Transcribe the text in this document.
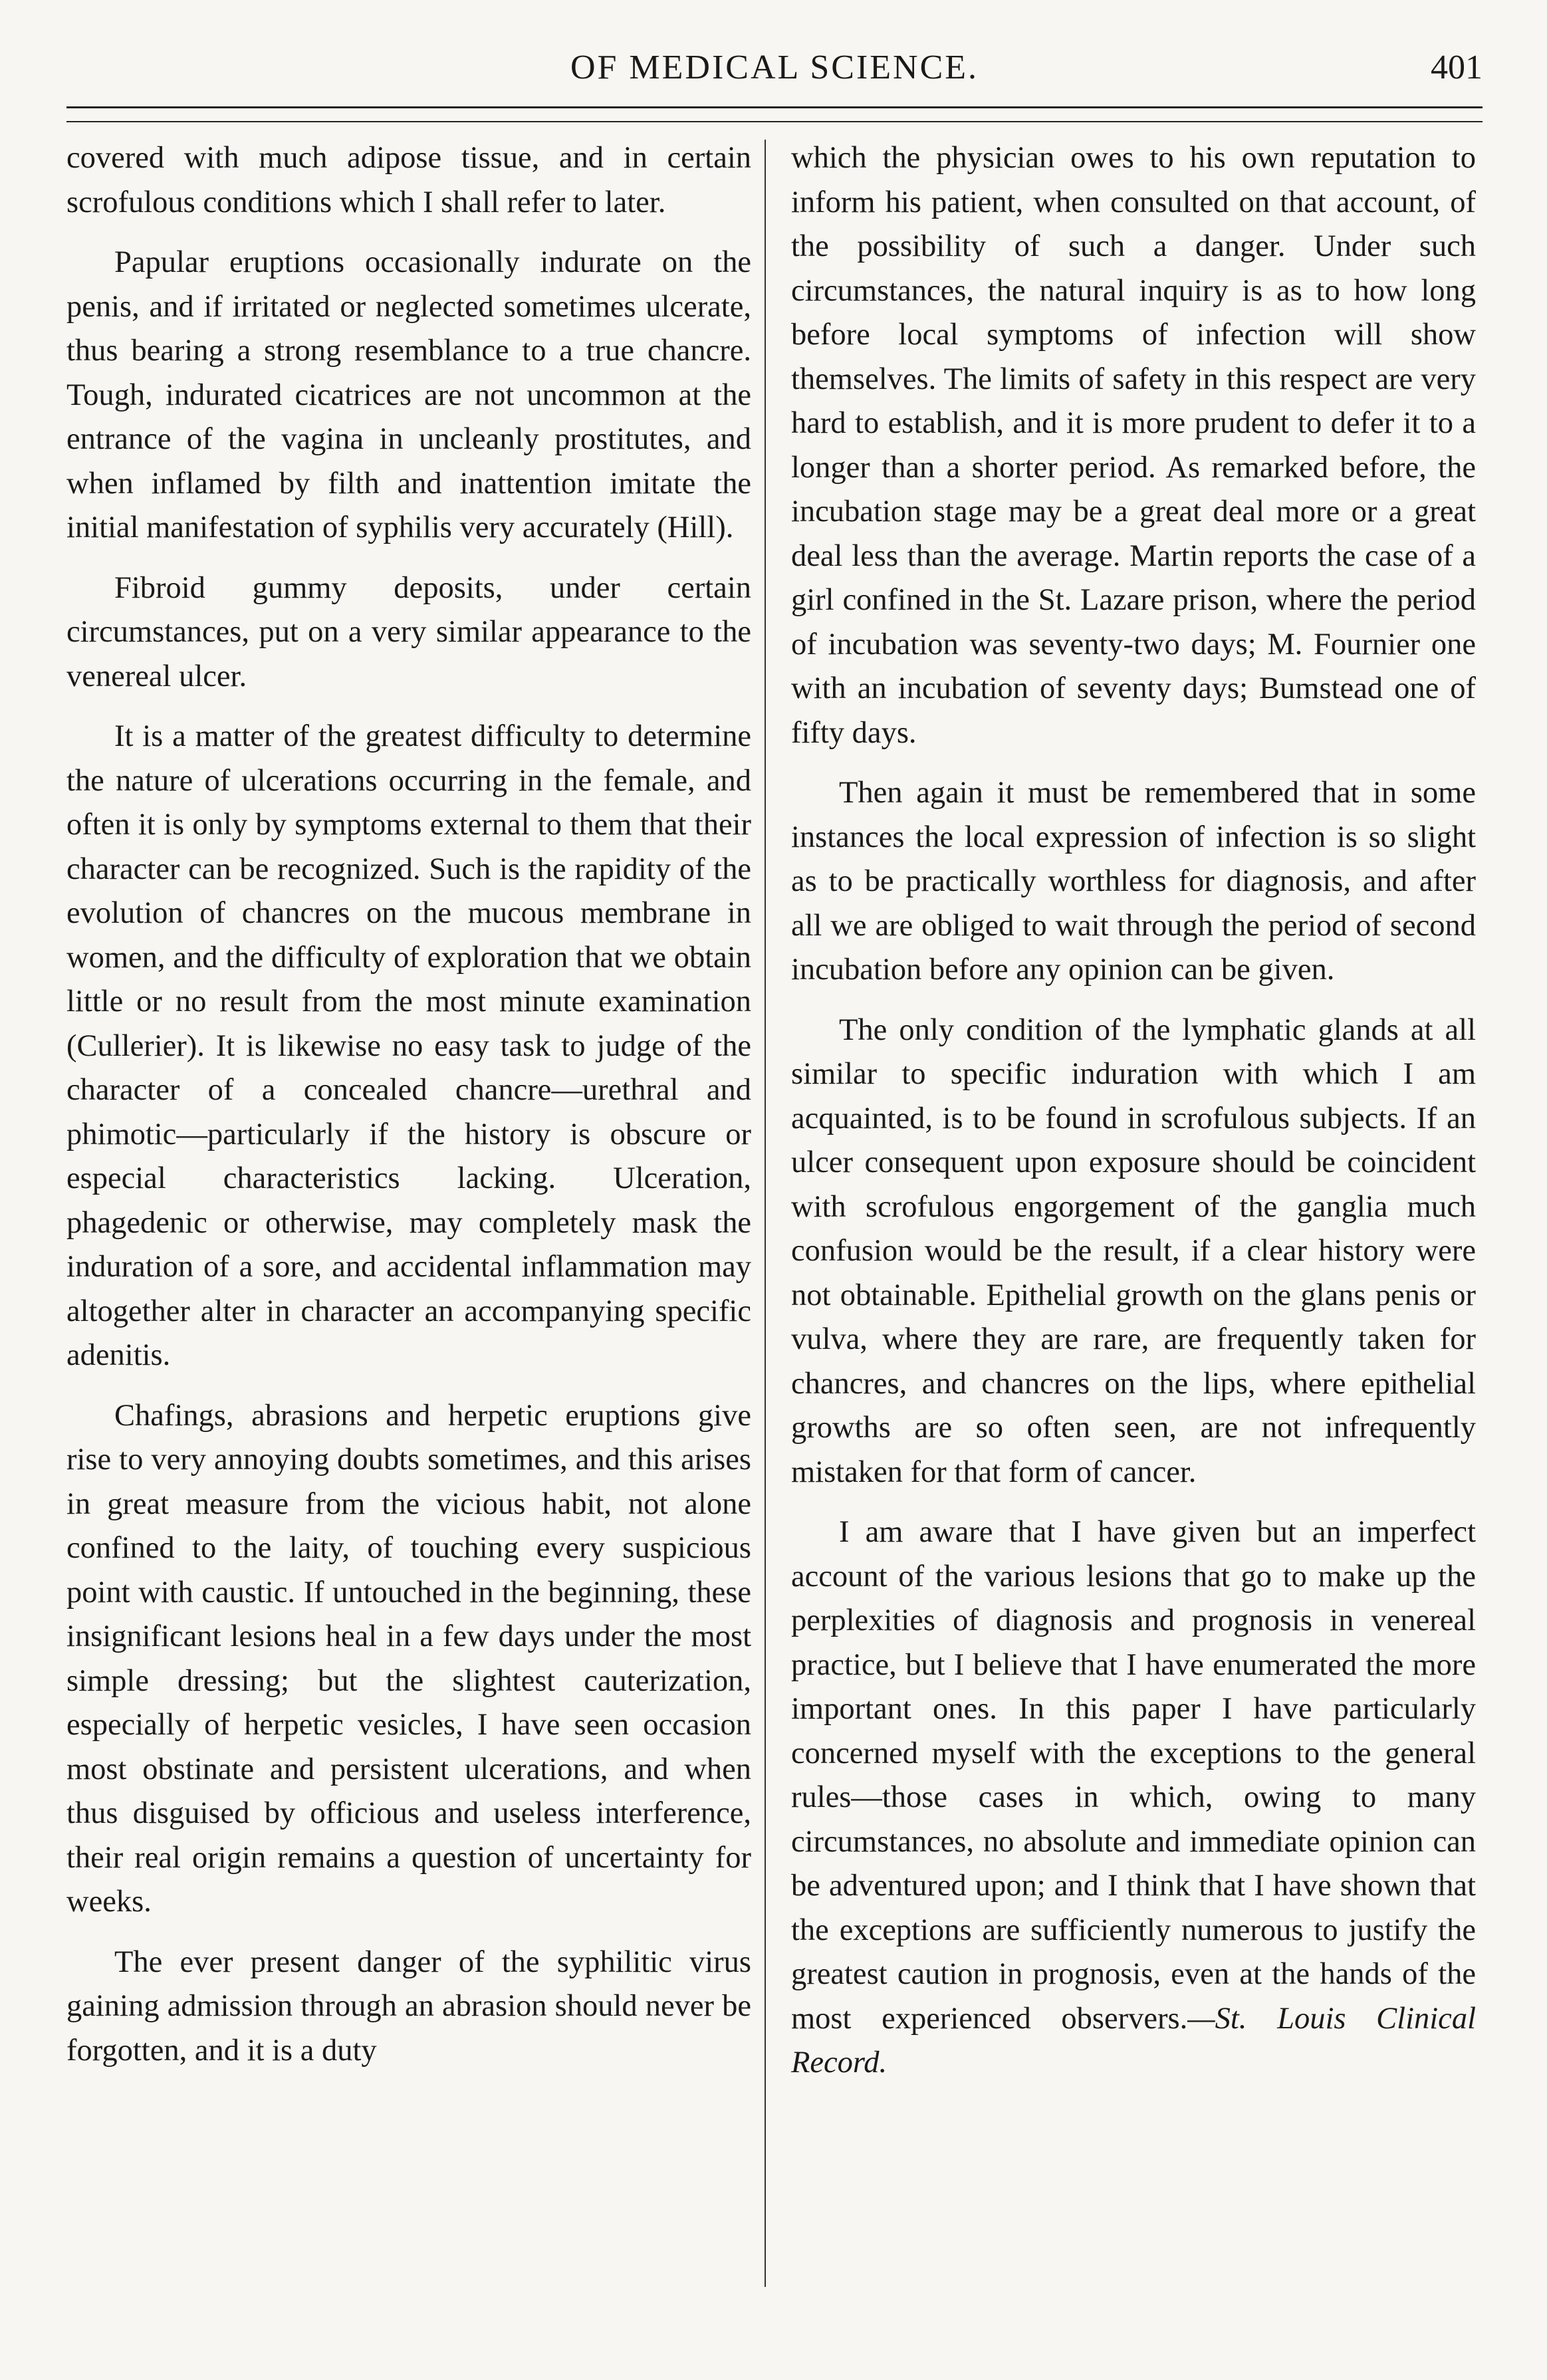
OF MEDICAL SCIENCE.	401

covered with much adipose tissue, and in certain scrofulous conditions which I shall refer to later.

Papular eruptions occasionally indurate on the penis, and if irritated or neglected sometimes ulcerate, thus bearing a strong resemblance to a true chancre. Tough, indurated cicatrices are not uncommon at the entrance of the vagina in uncleanly prostitutes, and when inflamed by filth and inattention imitate the initial manifestation of syphilis very accurately (Hill).

Fibroid gummy deposits, under certain circumstances, put on a very similar appearance to the venereal ulcer.

It is a matter of the greatest difficulty to determine the nature of ulcerations occurring in the female, and often it is only by symptoms external to them that their character can be recognized. Such is the rapidity of the evolution of chancres on the mucous membrane in women, and the difficulty of exploration that we obtain little or no result from the most minute examination (Cullerier). It is likewise no easy task to judge of the character of a concealed chancre—urethral and phimotic—particularly if the history is obscure or especial characteristics lacking. Ulceration, phagedenic or otherwise, may completely mask the induration of a sore, and accidental inflammation may altogether alter in character an accompanying specific adenitis.

Chafings, abrasions and herpetic eruptions give rise to very annoying doubts sometimes, and this arises in great measure from the vicious habit, not alone confined to the laity, of touching every suspicious point with caustic. If untouched in the beginning, these insignificant lesions heal in a few days under the most simple dressing; but the slightest cauterization, especially of herpetic vesicles, I have seen occasion most obstinate and persistent ulcerations, and when thus disguised by officious and useless interference, their real origin remains a question of uncertainty for weeks.

The ever present danger of the syphilitic virus gaining admission through an abrasion should never be forgotten, and it is a duty

which the physician owes to his own reputation to inform his patient, when consulted on that account, of the possibility of such a danger. Under such circumstances, the natural inquiry is as to how long before local symptoms of infection will show themselves. The limits of safety in this respect are very hard to establish, and it is more prudent to defer it to a longer than a shorter period. As remarked before, the incubation stage may be a great deal more or a great deal less than the average. Martin reports the case of a girl confined in the St. Lazare prison, where the period of incubation was seventy-two days; M. Fournier one with an incubation of seventy days; Bumstead one of fifty days.

Then again it must be remembered that in some instances the local expression of infection is so slight as to be practically worthless for diagnosis, and after all we are obliged to wait through the period of second incubation before any opinion can be given.

The only condition of the lymphatic glands at all similar to specific induration with which I am acquainted, is to be found in scrofulous subjects. If an ulcer consequent upon exposure should be coincident with scrofulous engorgement of the ganglia much confusion would be the result, if a clear history were not obtainable. Epithelial growth on the glans penis or vulva, where they are rare, are frequently taken for chancres, and chancres on the lips, where epithelial growths are so often seen, are not infrequently mistaken for that form of cancer.

I am aware that I have given but an imperfect account of the various lesions that go to make up the perplexities of diagnosis and prognosis in venereal practice, but I believe that I have enumerated the more important ones. In this paper I have particularly concerned myself with the exceptions to the general rules—those cases in which, owing to many circumstances, no absolute and immediate opinion can be adventured upon; and I think that I have shown that the exceptions are sufficiently numerous to justify the greatest caution in prognosis, even at the hands of the most experienced observers.—St. Louis Clinical Record.
